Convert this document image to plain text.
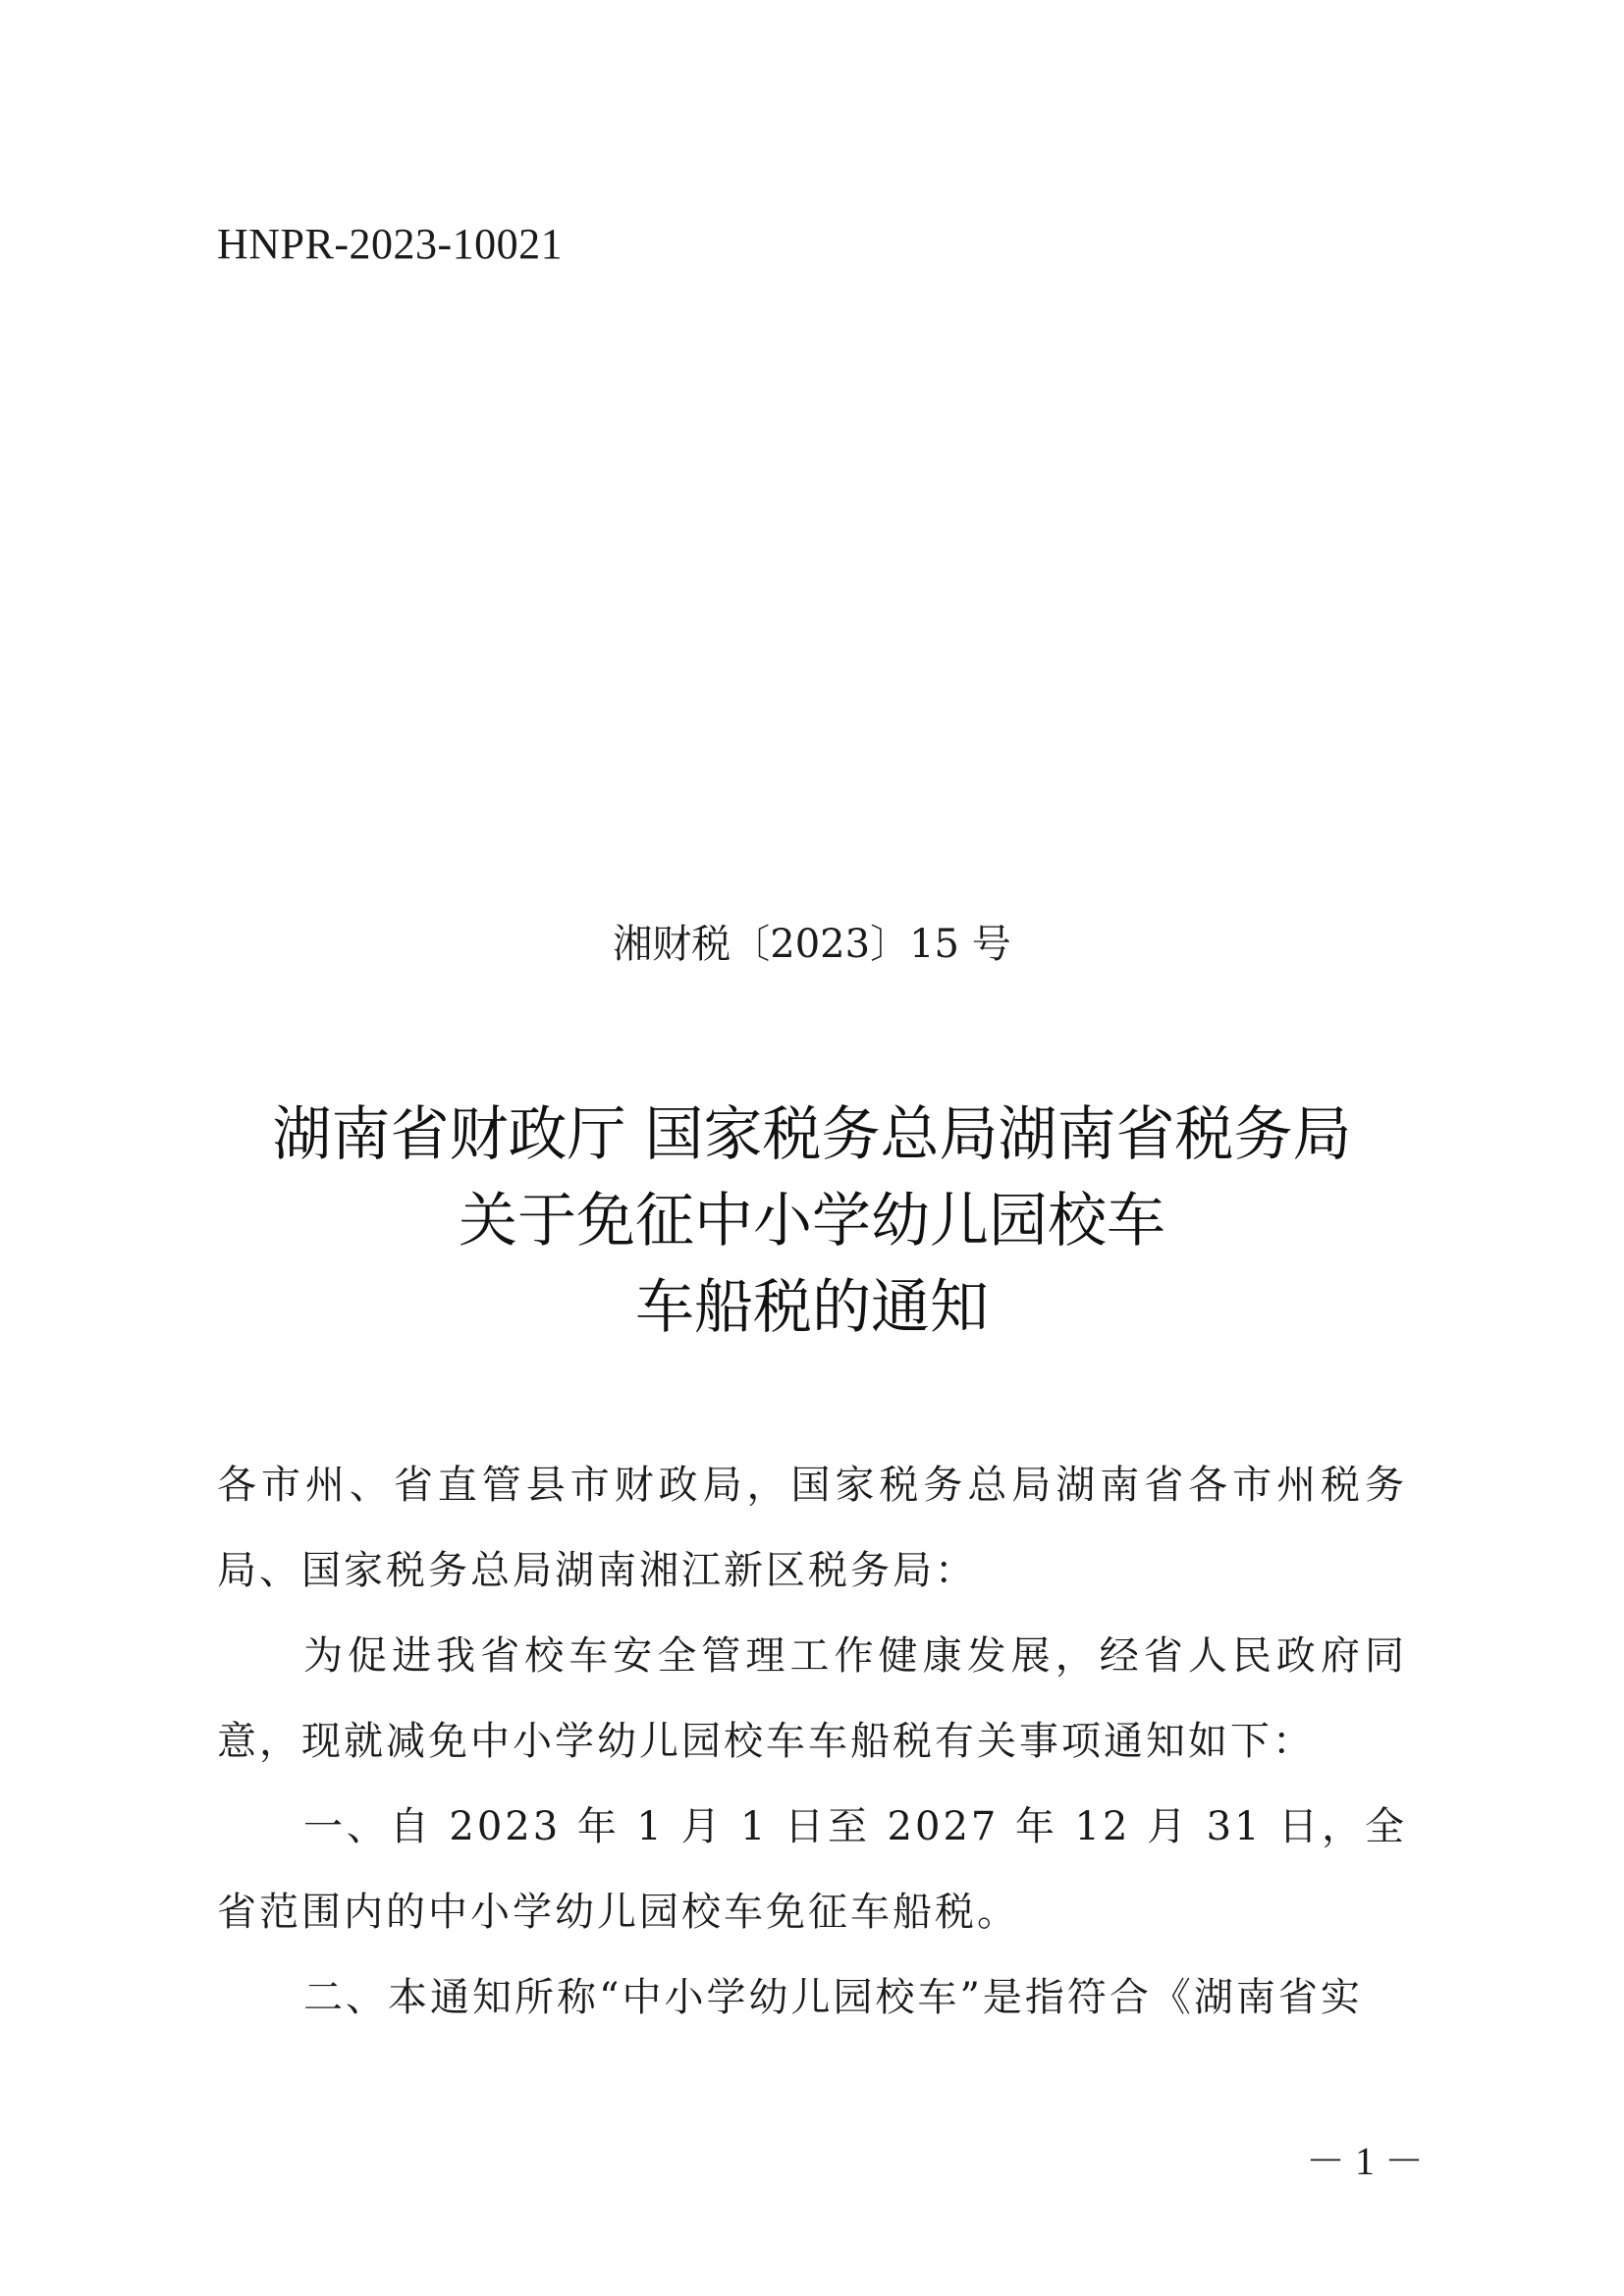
HNPR-2023-10021
湘财税〔2023〕15 号
湖南省财政厅 国家税务总局湖南省税务局
关于免征中小学幼儿园校车
车船税的通知

各市州、省直管县市财政局，国家税务总局湖南省各市州税务局、国家税务总局湖南湘江新区税务局：

为促进我省校车安全管理工作健康发展，经省人民政府同意，现就减免中小学幼儿园校车车船税有关事项通知如下：

一、自 2023 年 1 月 1 日至 2027 年 12 月 31 日，全省范围内的中小学幼儿园校车免征车船税。

二、本通知所称“中小学幼儿园校车”是指符合《湖南省实

－ 1 －
